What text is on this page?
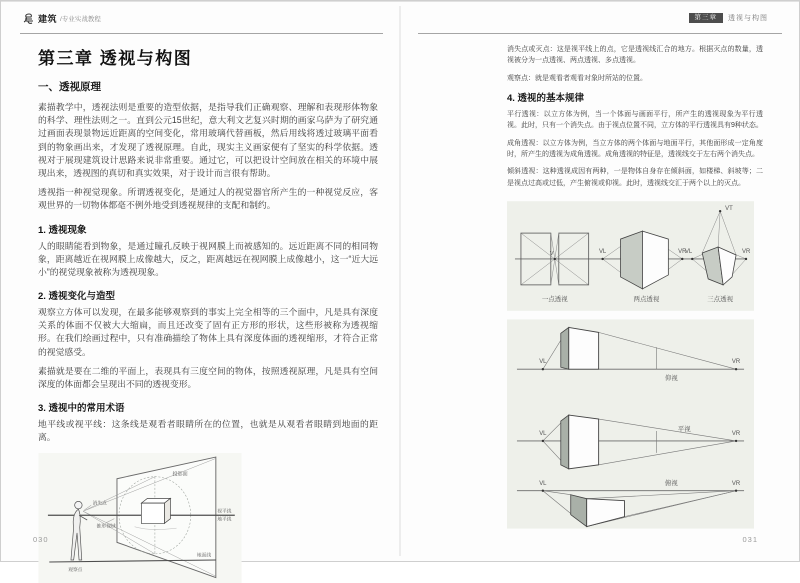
建筑 /专业实战教程	第三章	透视与构图
第三章 透视与构图
一、透视原理

素描教学中，透视法则是重要的造型依据，是指导我们正确观察、理解和表现形体物象的科学、理性法则之一。直到公元15世纪，意大利文艺复兴时期的画家乌萨为了研究通过画面表现景物远近距离的空间变化，常用玻璃代替画板，然后用线将透过玻璃平面看到的物象画出来，才发现了透视原理。自此，现实主义画家便有了坚实的科学依据。透视对于展现建筑设计思路来说非常重要。通过它，可以把设计空间放在相关的环境中展现出来，透视图的真切和真实效果，对于设计而言很有帮助。

透视指一种视觉现象。所谓透视变化，是通过人的视觉器官所产生的一种视觉反应，客观世界的一切物体都毫不例外地受到透视规律的支配和制约。

1. 透视现象

人的眼睛能看到物象，是通过瞳孔反映于视网膜上而被感知的。远近距离不同的相同物象，距离越近在视网膜上成像越大，反之，距离越远在视网膜上成像越小，这一“近大远小”的视觉现象被称为透视现象。

2. 透视变化与造型

观察立方体可以发现，在最多能够观察到的事实上完全相等的三个面中，凡是具有深度关系的体面不仅被大大缩扁，而且还改变了固有正方形的形状，这些形被称为透视缩形。在我们绘画过程中，只有准确描绘了物体上具有深度体面的透视缩形，才符合正常的视觉感受。

素描就是要在二维的平面上，表现具有三度空间的物体，按照透视原理，凡是具有空间深度的体面都会呈现出不同的透视变形。

3. 透视中的常用术语

地平线或视平线：这条线是观看者眼睛所在的位置，也就是从观看者眼睛到地面的距离。

投影面
消失点
锥形视域
视平线
地平线
地面线
观察点

消失点或灭点：这是视平线上的点，它是透视线汇合的地方。根据灭点的数量，透视被分为一点透视、两点透视、多点透视。

观察点：就是观看者观看对象时所站的位置。

4. 透视的基本规律

平行透视：以立方体为例，当一个体面与画面平行，所产生的透视现象为平行透视。此时，只有一个消失点。由于视点位置不同，立方体的平行透视具有9种状态。

成角透视：以立方体为例，当立方体的两个体面与地面平行，其他面形成一定角度时，所产生的透视为成角透视。成角透视的特征是，透视线交于左右两个消失点。

倾斜透视：这种透视成因有两种，一是物体自身存在倾斜面，如楼梯、斜坡等；二是视点过高或过低，产生俯视或仰视。此时，透视线交汇于两个以上的灭点。

V	VL	VR
VL
VT
VR
一点透视	两点透视	三点透视
VL	VR
仰视
VL	VR
平视
VL	VR
俯视
030	031
